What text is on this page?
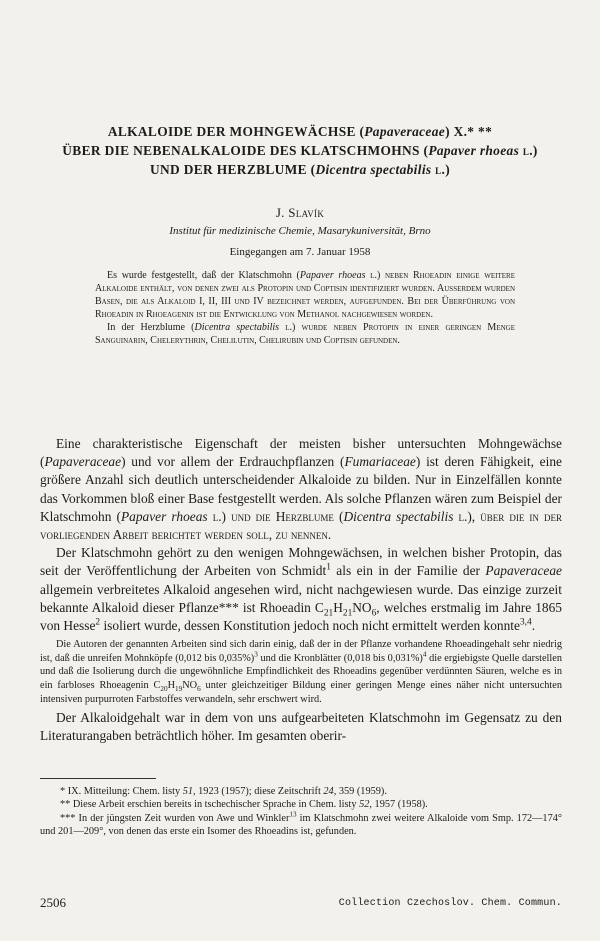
ALKALOIDE DER MOHNGEWÄCHSE (Papaveraceae) X.* **
ÜBER DIE NEBENALKALOIDE DES KLATSCHMOHNS (Papaver rhoeas l.)
UND DER HERZBLUME (Dicentra spectabilis l.)
J. Slavík
Institut für medizinische Chemie, Masarykuniversität, Brno
Eingegangen am 7. Januar 1958

Es wurde festgestellt, daß der Klatschmohn (Papaver rhoeas l.) neben Rhoeadin einige weitere Alkaloide enthält, von denen zwei als Protopin und Coptisin identifiziert wurden. Außerdem wurden Basen, die als Alkaloid I, II, III und IV bezeichnet werden, aufgefunden. Bei der Überführung von Rhoeadin in Rhoeagenin ist die Entwicklung von Methanol nachgewiesen worden.

In der Herzblume (Dicentra spectabilis l.) wurde neben Protopin in einer geringen Menge Sanguinarin, Chelerythrin, Chelilutin, Chelirubin und Coptisin gefunden.

Eine charakteristische Eigenschaft der meisten bisher untersuchten Mohngewächse (Papaveraceae) und vor allem der Erdrauchpflanzen (Fumariaceae) ist deren Fähigkeit, eine größere Anzahl sich deutlich unterscheidender Alkaloide zu bilden. Nur in Einzelfällen konnte das Vorkommen bloß einer Base festgestellt werden. Als solche Pflanzen wären zum Beispiel der Klatschmohn (Papaver rhoeas l.) und die Herzblume (Dicentra spectabilis l.), über die in der vorliegenden Arbeit berichtet werden soll, zu nennen.

Der Klatschmohn gehört zu den wenigen Mohngewächsen, in welchen bisher Protopin, das seit der Veröffentlichung der Arbeiten von Schmidt$^1$ als ein in der Familie der Papaveraceae allgemein verbreitetes Alkaloid angesehen wird, nicht nachgewiesen wurde. Das einzige zurzeit bekannte Alkaloid dieser Pflanze*** ist Rhoeadin $C_{21}H_{21}NO_6$, welches erstmalig im Jahre 1865 von Hesse$^2$ isoliert wurde, dessen Konstitution jedoch noch nicht ermittelt werden konnte$^{3,4}$.

Die Autoren der genannten Arbeiten sind sich darin einig, daß der in der Pflanze vorhandene Rhoeadingehalt sehr niedrig ist, daß die unreifen Mohnköpfe (0,012 bis 0,035%)$^3$ und die Kronblätter (0,018 bis 0,031%)$^4$ die ergiebigste Quelle darstellen und daß die Isolierung durch die ungewöhnliche Empfindlichkeit des Rhoeadins gegenüber verdünnten Säuren, welche es in ein farbloses Rhoeagenin $C_{20}H_{19}NO_6$ unter gleichzeitiger Bildung einer geringen Menge eines näher nicht untersuchten intensiven purpurroten Farbstoffes verwandeln, sehr erschwert wird.

Der Alkaloidgehalt war in dem von uns aufgearbeiteten Klatschmohn im Gegensatz zu den Literaturangaben beträchtlich höher. Im gesamten oberir-

* IX. Mitteilung: Chem. listy 51, 1923 (1957); diese Zeitschrift 24, 359 (1959).

** Diese Arbeit erschien bereits in tschechischer Sprache in Chem. listy 52, 1957 (1958).

*** In der jüngsten Zeit wurden von Awe und Winkler$^{13}$ im Klatschmohn zwei weitere Alkaloide vom Smp. 172—174° und 201—209°, von denen das erste ein Isomer des Rhoeadins ist, gefunden.

2506	Collection Czechoslov. Chem. Commun.
